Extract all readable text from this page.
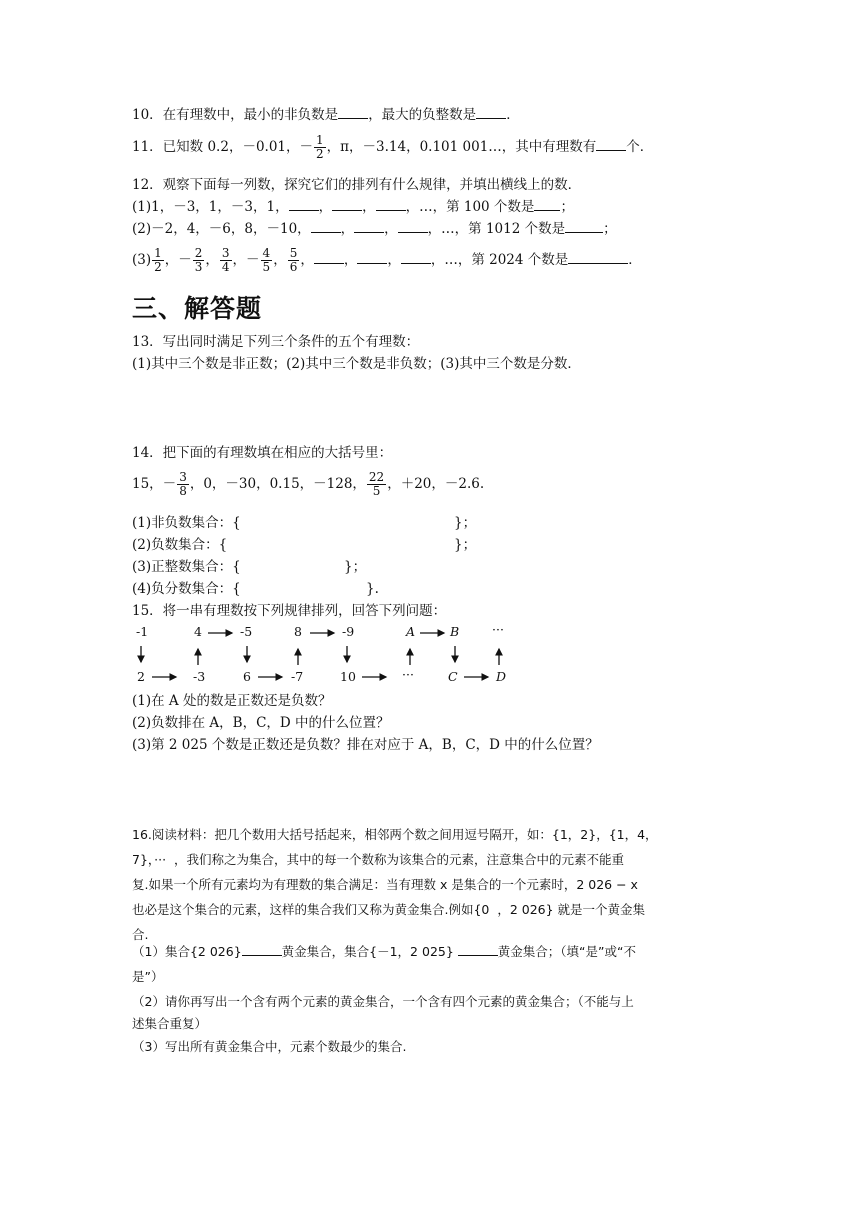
10．在有理数中，最小的非负数是 ，最大的负整数是 ．
11．已知数 0.2，－0.01，－ $\frac{1}{2}$ ，π，－3.14，0.101 001…，其中有理数有 个．
12．观察下面每一列数，探究它们的排列有什么规律，并填出横线上的数．
(1)1，－3，1，－3，1， ， ， ，…，第 100 个数是 ；
(2)－2，4，－6，8，－10， ， ， ，…，第 1012 个数是	；
$(3) \frac{1}{2}$ ，－ $\frac{2}{3}$ ， $\frac{3}{4}$ ，－ $\frac{4}{5}$ ， $\frac{5}{6}$ ， ， ， ，…，第 2024 个数是	．
三、解答题
13．写出同时满足下列三个条件的五个有理数：
(1)其中三个数是非正数；(2)其中三个数是非负数；(3)其中三个数是分数．
14．把下面的有理数填在相应的大括号里：
15，－ $\frac{3}{8}$ ，0，－30，0.15，－128， $\frac{22}{5}$ ，＋20，－2.6.
(1)非负数集合：{	}；
(2)负数集合：{	}；
(3)正整数集合：{	}；
(4)负分数集合：{	}.
15．将一串有理数按下列规律排列，回答下列问题：
-1	4	-5	8	-9	A	B	···
2	-3	6	-7	10	···	C	D
(1)在 A 处的数是正数还是负数？
(2)负数排在 A，B，C，D 中的什么位置？
(3)第 2 025 个数是正数还是负数？排在对应于 A，B，C，D 中的什么位置？
16.阅读材料：把几个数用大括号括起来，相邻两个数之间用逗号隔开，如：{1，2}，{1，4，
7}，···  ，我们称之为集合，其中的每一个数称为该集合的元素，注意集合中的元素不能重
复.如果一个所有元素均为有理数的集合满足：当有理数 x 是集合的一个元素时，2 026 − x
也必是这个集合的元素，这样的集合我们又称为黄金集合.例如{0  ，2 026} 就是一个黄金集
合.
（1）集合{2 026}	黄金集合，集合{－1，2 025}	黄金集合；（填“是”或“不
是”）
（2）请你再写出一个含有两个元素的黄金集合，一个含有四个元素的黄金集合；（不能与上
述集合重复）
（3）写出所有黄金集合中，元素个数最少的集合.
